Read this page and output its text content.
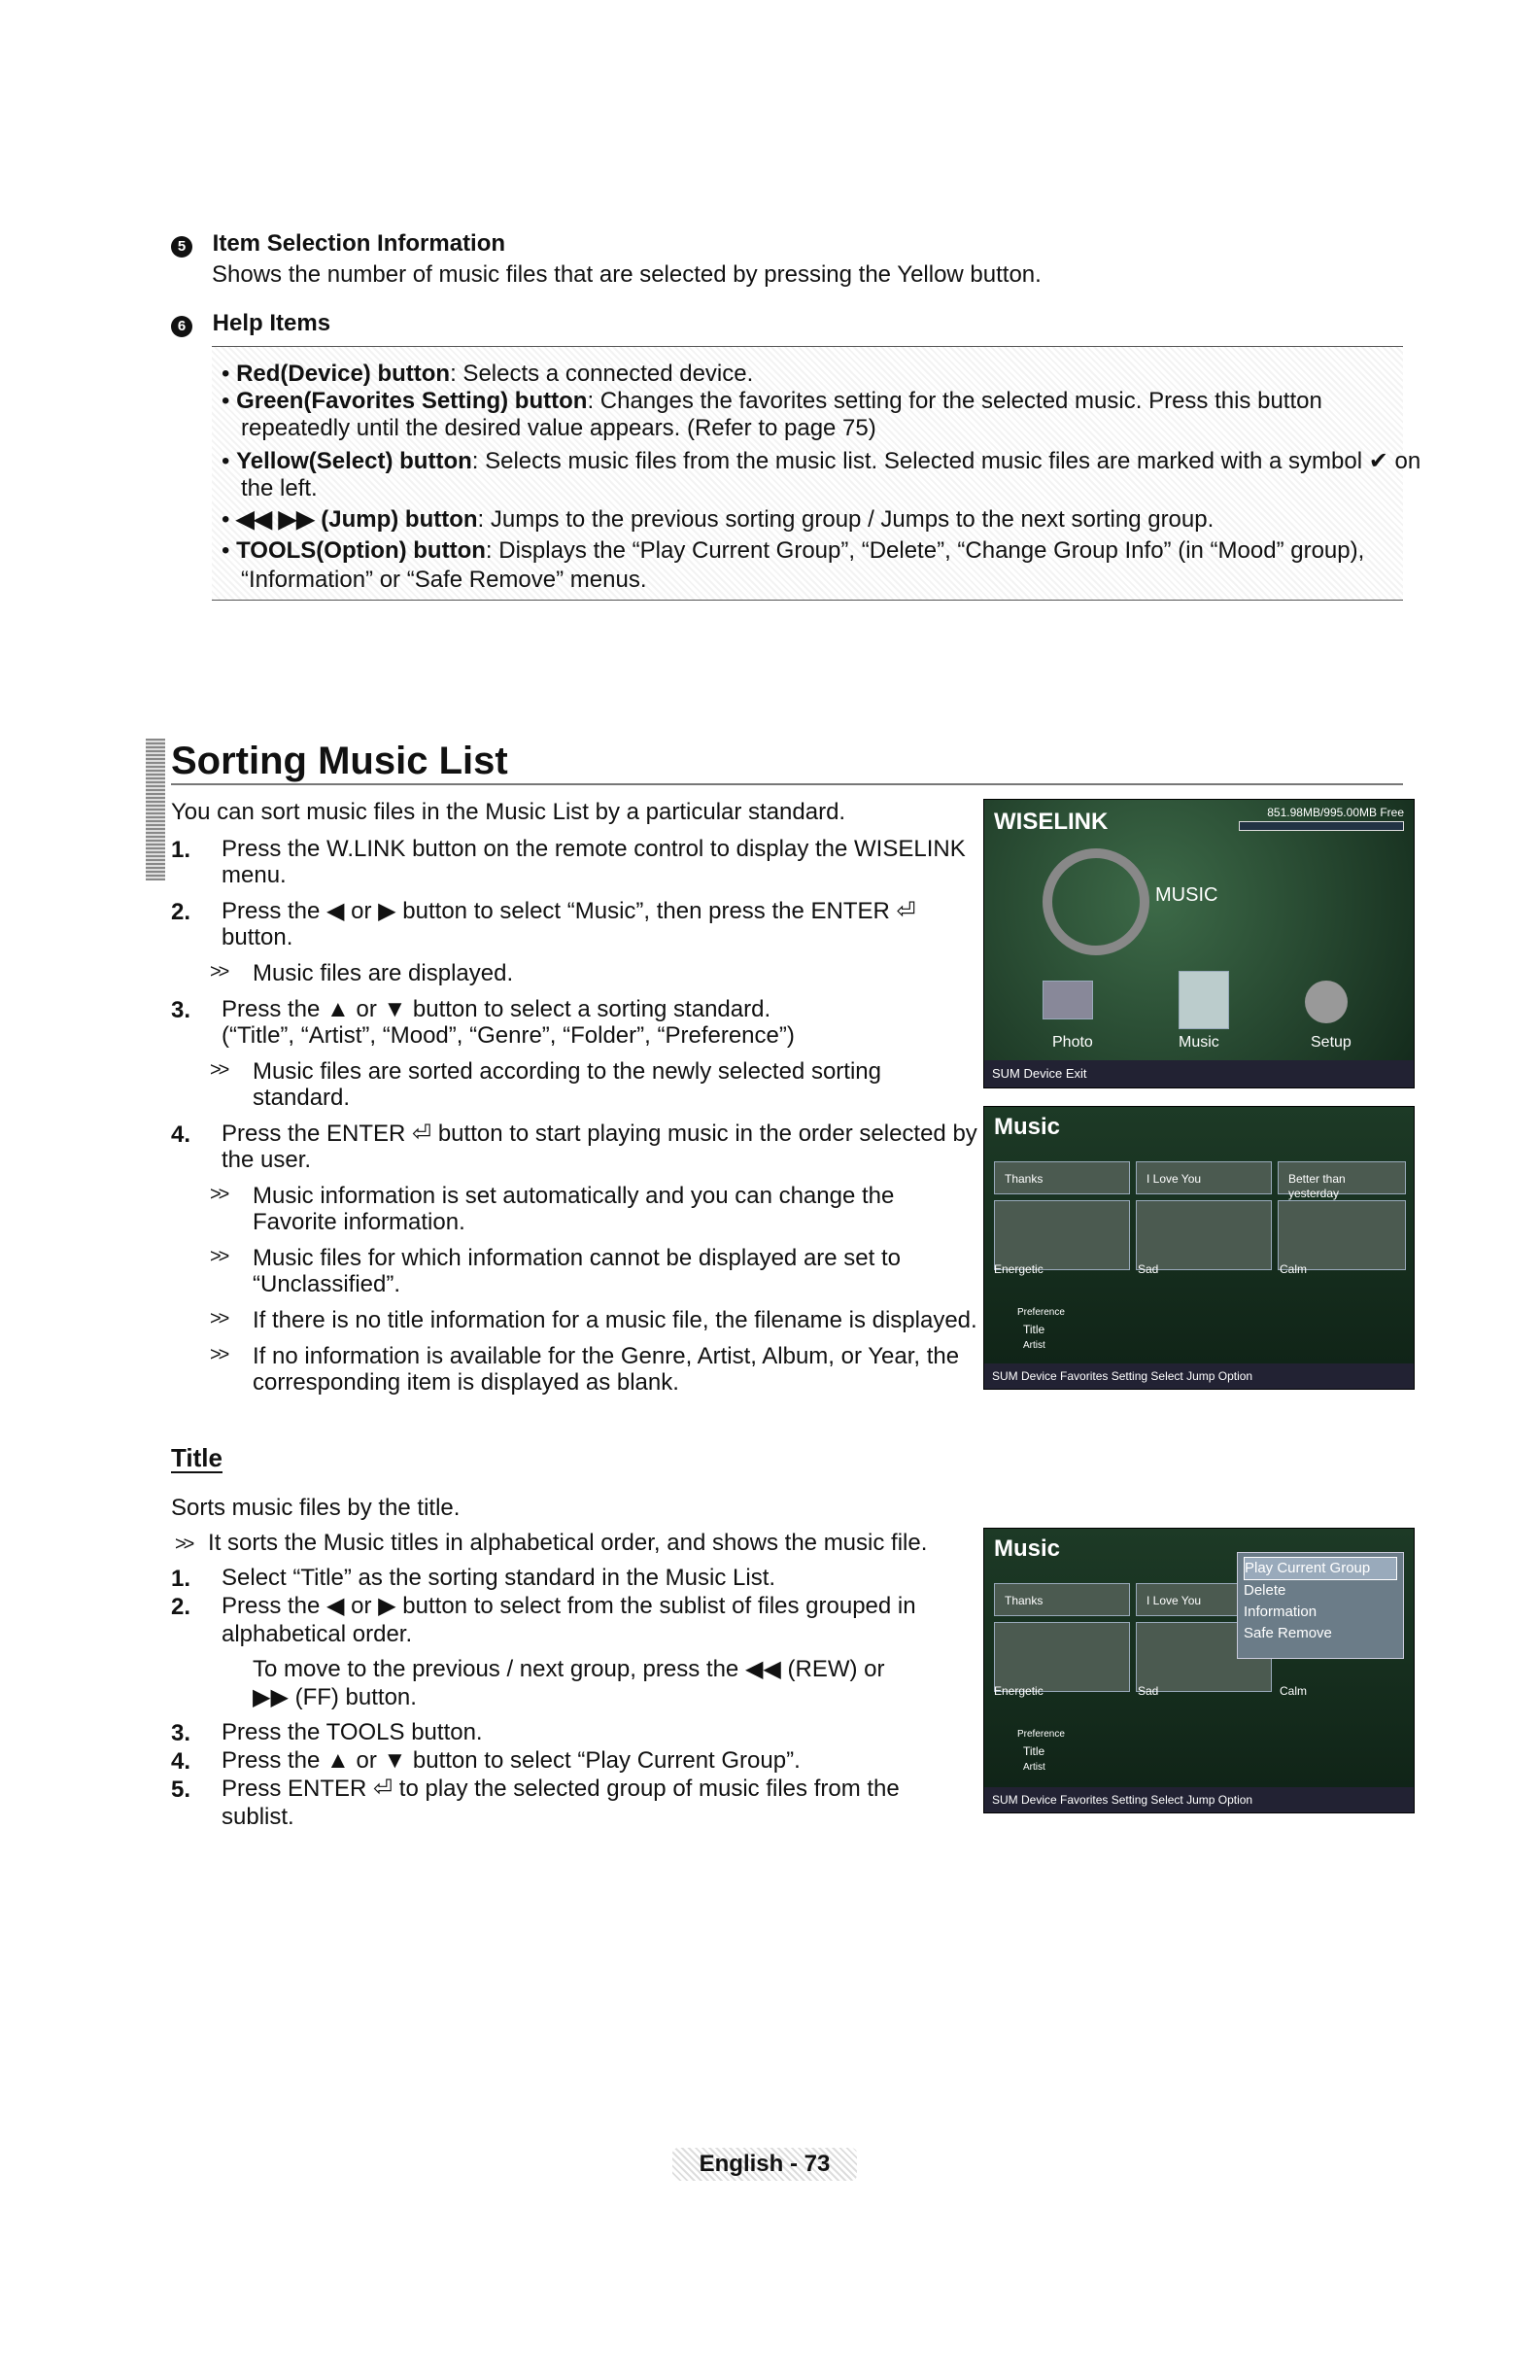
5 Item Selection Information
Shows the number of music files that are selected by pressing the Yellow button.
6 Help Items

• Red(Device) button: Selects a connected device.

• Green(Favorites Setting) button: Changes the favorites setting for the selected music. Press this button

repeatedly until the desired value appears. (Refer to page 75)

• Yellow(Select) button: Selects music files from the music list. Selected music files are marked with a symbol ✔ on

the left.

• ◀◀ ▶▶ (Jump) button: Jumps to the previous sorting group / Jumps to the next sorting group.

• TOOLS(Option) button: Displays the “Play Current Group”, “Delete”, “Change Group Info” (in “Mood” group),

“Information” or “Safe Remove” menus.

Sorting Music List
You can sort music files in the Music List by a particular standard.
1. Press the W.LINK button on the remote control to display the WISELINK
menu.
2. Press the ◀ or ▶ button to select “Music”, then press the ENTER ⏎
button.
>> Music files are displayed.
3. Press the ▲ or ▼ button to select a sorting standard.
(“Title”, “Artist”, “Mood”, “Genre”, “Folder”, “Preference”)
>> Music files are sorted according to the newly selected sorting
standard.
4. Press the ENTER ⏎ button to start playing music in the order selected by
the user.
>> Music information is set automatically and you can change the
Favorite information.
>> Music files for which information cannot be displayed are set to
“Unclassified”.
>> If there is no title information for a music file, the filename is displayed.
>> If no information is available for the Genre, Artist, Album, or Year, the
corresponding item is displayed as blank.
Title
Sorts music files by the title.
>> It sorts the Music titles in alphabetical order, and shows the music file.
1. Select “Title” as the sorting standard in the Music List.
2. Press the ◀ or ▶ button to select from the sublist of files grouped in
alphabetical order.
To move to the previous / next group, press the ◀◀ (REW) or
▶▶ (FF) button.
3. Press the TOOLS button.
4. Press the ▲ or ▼ button to select “Play Current Group”.
5. Press ENTER ⏎ to play the selected group of music files from the
sublist.
WISELINK	851.98MB/995.00MB Free
MUSIC
Photo	Music	Setup
SUM Device Exit
Music
Thanks	I Love You	Better than yesterday
Energetic	Sad	Calm
Preference
Title
Artist
SUM Device Favorites Setting Select Jump Option
Music
Thanks	I Love You
Energetic	Sad	Calm
Preference
Title
Artist
Play Current Group
Delete
Information
Safe Remove
SUM Device Favorites Setting Select Jump Option
English - 73
